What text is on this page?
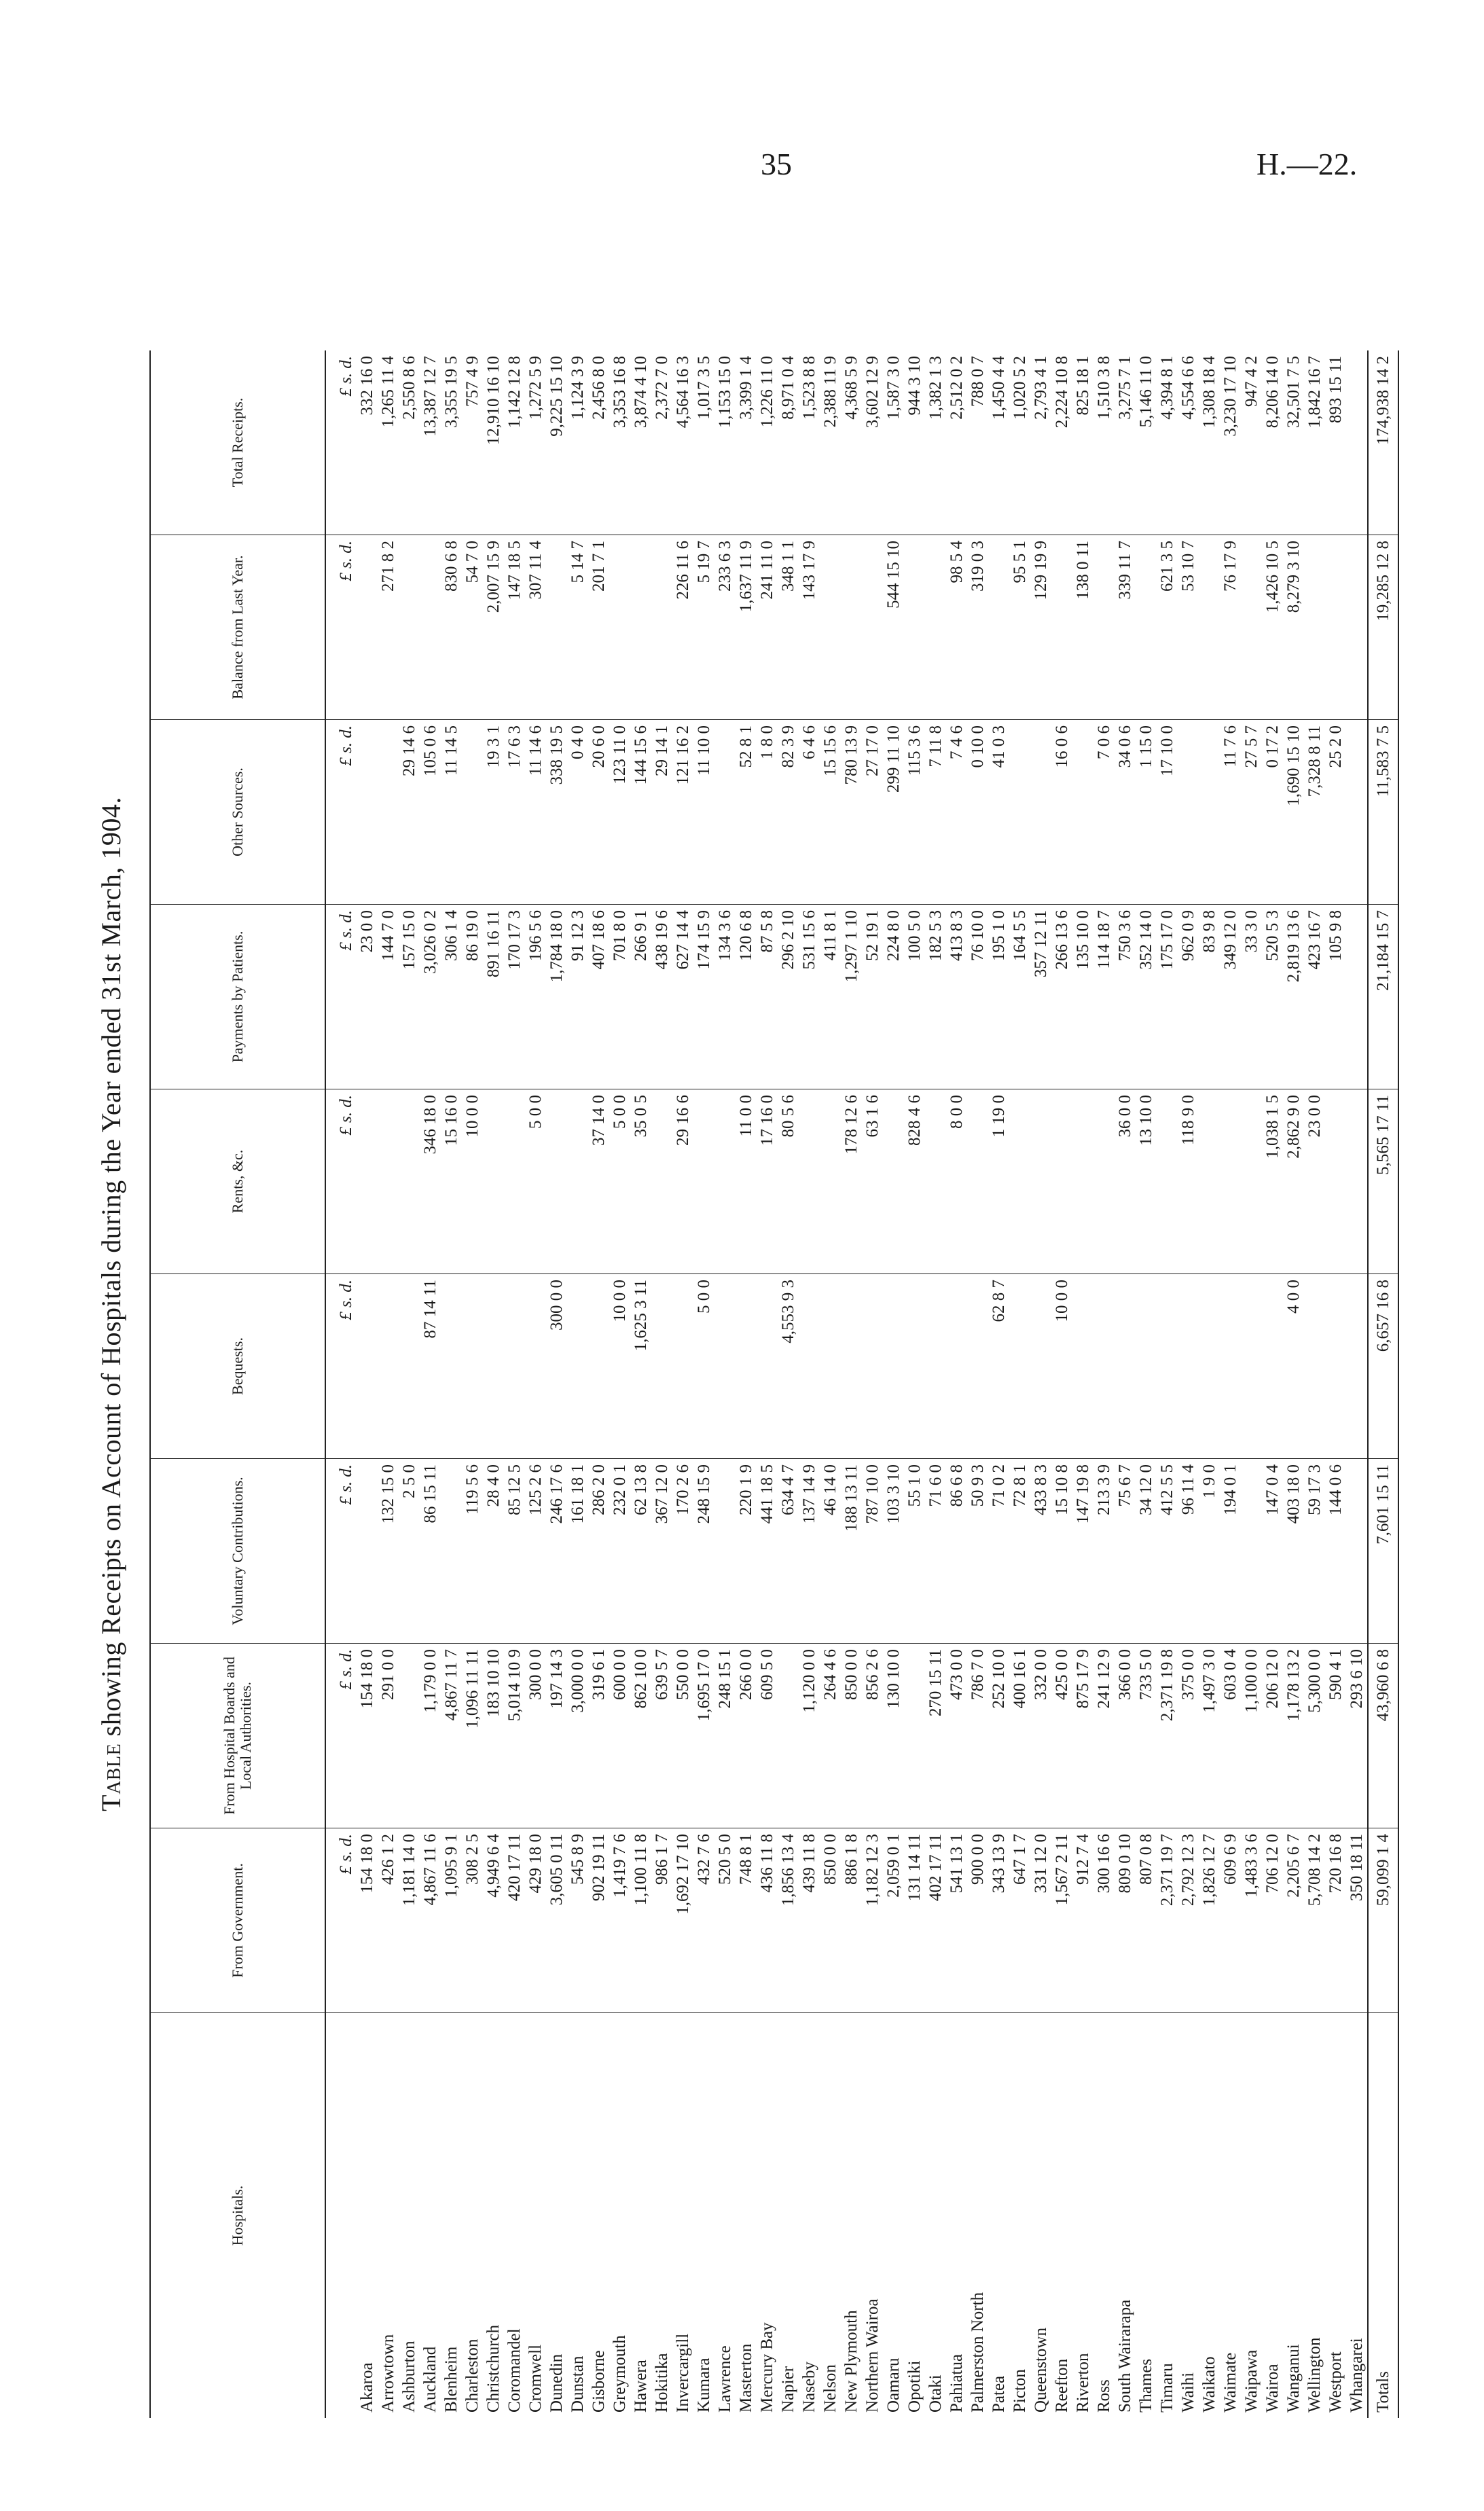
35	H.—22.
Table showing Receipts on Account of Hospitals during the Year ended 31st March, 1904.
Hospitals.	From Government.	From Hospital Boards and Local Authorities.	Voluntary Contributions.	Bequests.	Rents, &c.	Payments by Patients.	Other Sources.	Balance from Last Year.	Total Receipts.
	£ s. d.	£ s. d.	£ s. d.	£ s. d.	£ s. d.	£ s. d.	£ s. d.	£ s. d.	£ s. d.
Akaroa	154 18 0	154 18 0				23 0 0			332 16 0
Arrowtown	426 1 2	291 0 0	132 15 0			144 7 0		271 8 2	1,265 11 4
Ashburton	1,181 14 0		2 5 0			157 15 0	29 14 6		2,550 8 6
Auckland	4,867 11 6	1,179 0 0	86 15 11	87 14 11	346 18 0	3,026 0 2	105 0 6		13,387 12 7
Blenheim	1,095 9 1	4,867 11 7			15 16 0	306 1 4	11 14 5	830 6 8	3,355 19 5
Charleston	308 2 5	1,096 11 11	119 5 6		10 0 0	86 19 0		54 7 0	757 4 9
Christchurch	4,949 6 4	183 10 10	28 4 0			891 16 11	19 3 1	2,007 15 9	12,910 16 10
Coromandel	420 17 11	5,014 10 9	85 12 5			170 17 3	17 6 3	147 18 5	1,142 12 8
Cromwell	429 18 0	300 0 0	125 2 6		5 0 0	196 5 6	11 14 6	307 11 4	1,272 5 9
Dunedin	3,605 0 11	197 14 3	246 17 6	300 0 0		1,784 18 0	338 19 5		9,225 15 10
Dunstan	545 8 9	3,000 0 0	161 18 1			91 12 3	0 4 0	5 14 7	1,124 3 9
Gisborne	902 19 11	319 6 1	286 2 0		37 14 0	407 18 6	20 6 0	201 7 1	2,456 8 0
Greymouth	1,419 7 6	600 0 0	232 0 1	10 0 0	5 0 0	701 8 0	123 11 0		3,353 16 8
Hawera	1,100 11 8	862 10 0	62 13 8	1,625 3 11	35 0 5	266 9 1	144 15 6		3,874 4 10
Hokitika	986 1 7	639 5 7	367 12 0			438 19 6	29 14 1		2,372 7 0
Invercargill	1,692 17 10	550 0 0	170 2 6		29 16 6	627 14 4	121 16 2	226 11 6	4,564 16 3
Kumara	432 7 6	1,695 17 0	248 15 9	5 0 0		174 15 9	11 10 0	5 19 7	1,017 3 5
Lawrence	520 5 0	248 15 1				134 3 6		233 6 3	1,153 15 0
Masterton	748 8 1	266 0 0	220 1 9		11 0 0	120 6 8	52 8 1	1,637 11 9	3,399 1 4
Mercury Bay	436 11 8	609 5 0	441 18 5		17 16 0	87 5 8	1 8 0	241 11 0	1,226 11 0
Napier	1,856 13 4		634 4 7	4,553 9 3	80 5 6	296 2 10	82 3 9	348 1 1	8,971 0 4
Naseby	439 11 8	1,120 0 0	137 14 9			531 15 6	6 4 6	143 17 9	1,523 8 8
Nelson	850 0 0	264 4 6	46 14 0			411 8 1	15 15 6		2,388 11 9
New Plymouth	886 1 8	850 0 0	188 13 11		178 12 6	1,297 1 10	780 13 9		4,368 5 9
Northern Wairoa	1,182 12 3	856 2 6	787 10 0		63 1 6	52 19 1	27 17 0		3,602 12 9
Oamaru	2,059 0 1	130 10 0	103 3 10			224 8 0	299 11 10	544 15 10	1,587 3 0
Opotiki	131 14 11		55 1 0		828 4 6	100 5 0	115 3 6		944 3 10
Otaki	402 17 11	270 15 11	71 6 0			182 5 3	7 11 8		1,382 1 3
Pahiatua	541 13 1	473 0 0	86 6 8		8 0 0	413 8 3	7 4 6	98 5 4	2,512 0 2
Palmerston North	900 0 0	786 7 0	50 9 3			76 10 0	0 10 0	319 0 3	788 0 7
Patea	343 13 9	252 10 0	71 0 2	62 8 7	1 19 0	195 1 0	41 0 3		1,450 4 4
Picton	647 1 7	400 16 1	72 8 1			164 5 5		95 5 1	1,020 5 2
Queenstown	331 12 0	332 0 0	433 8 3			357 12 11		129 19 9	2,793 4 1
Reefton	1,567 2 11	425 0 0	15 10 8	10 0 0		266 13 6	16 0 6		2,224 10 8
Riverton	912 7 4	875 17 9	147 19 8			135 10 0		138 0 11	825 18 1
Ross	300 16 6	241 12 9	213 3 9			114 18 7	7 0 6		1,510 3 8
South Wairarapa	809 0 10	366 0 0	75 6 7		36 0 0	750 3 6	34 0 6	339 11 7	3,275 7 1
Thames	807 0 8	733 5 0	34 12 0		13 10 0	352 14 0	1 15 0		5,146 11 0
Timaru	2,371 19 7	2,371 19 8	412 5 5			175 17 0	17 10 0	621 3 5	4,394 8 1
Waihi	2,792 12 3	375 0 0	96 11 4		118 9 0	962 0 9		53 10 7	4,554 6 6
Waikato	1,826 12 7	1,497 3 0	1 9 0			83 9 8			1,308 18 4
Waimate	609 6 9	603 0 4	194 0 1			349 12 0	11 7 6	76 17 9	3,230 17 10
Waipawa	1,483 3 6	1,100 0 0				33 3 0	27 5 7		947 4 2
Wairoa	706 12 0	206 12 0	147 0 4		1,038 1 5	520 5 3	0 17 2	1,426 10 5	8,206 14 0
Wanganui	2,205 6 7	1,178 13 2	403 18 0	4 0 0	2,862 9 0	2,819 13 6	1,690 15 10	8,279 3 10	32,501 7 5
Wellington	5,708 14 2	5,300 0 0	59 17 3		23 0 0	423 16 7	7,328 8 11		1,842 16 7
Westport	720 16 8	590 4 1	144 0 6			105 9 8	25 2 0		893 15 11
Whangarei	350 18 11	293 6 10							
Totals	59,099 1 4	43,960 6 8	7,601 15 11	6,657 16 8	5,565 17 11	21,184 15 7	11,583 7 5	19,285 12 8	174,938 14 2
